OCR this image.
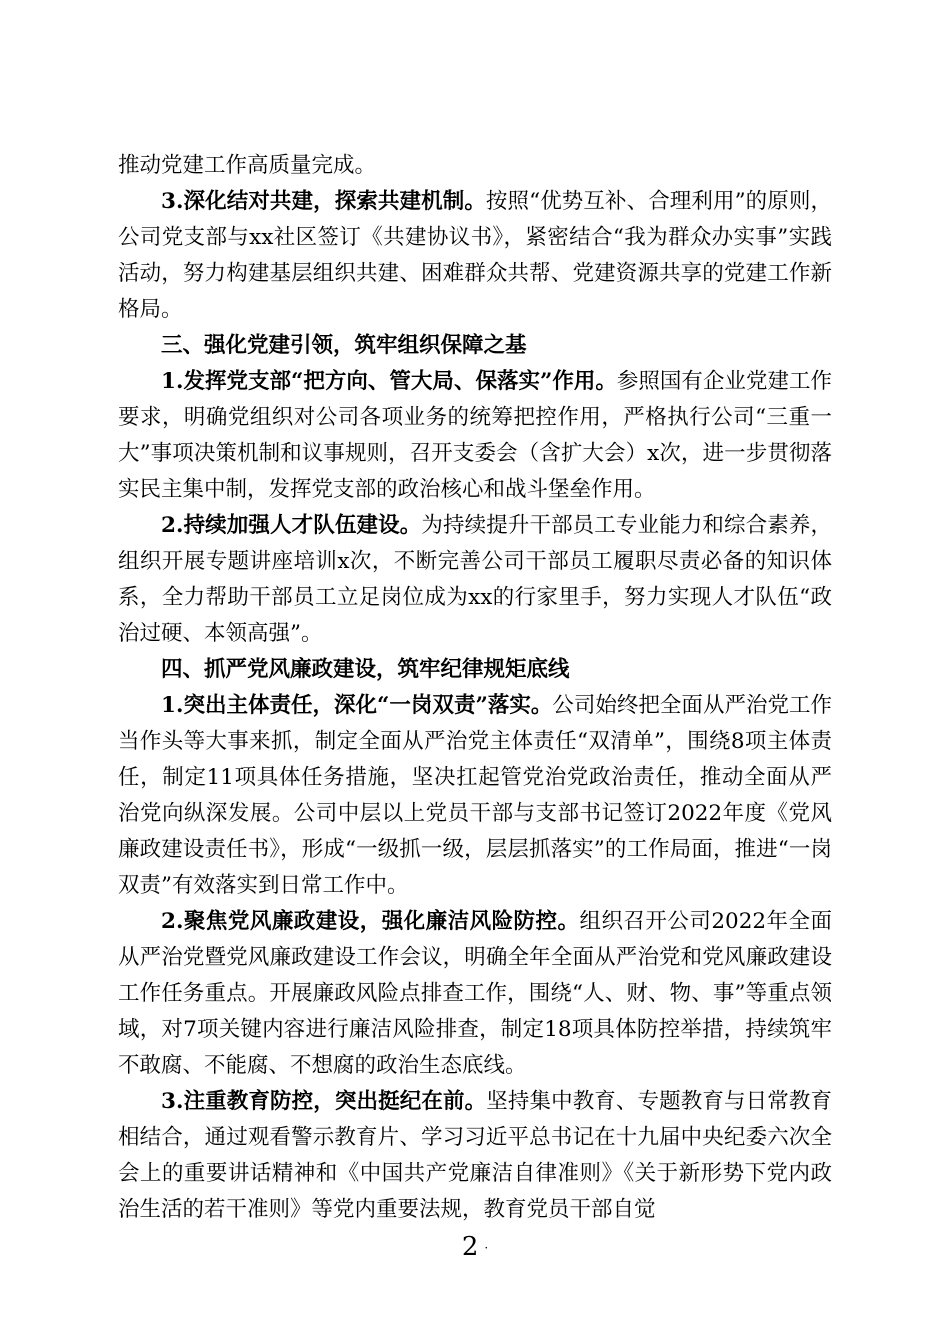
推动党建工作高质量完成。

3.深化结对共建，探索共建机制。按照“优势互补、合理利用”的原则，公司党支部与xx社区签订《共建协议书》，紧密结合“我为群众办实事”实践活动，努力构建基层组织共建、困难群众共帮、党建资源共享的党建工作新格局。

三、强化党建引领，筑牢组织保障之基

1.发挥党支部“把方向、管大局、保落实”作用。参照国有企业党建工作要求，明确党组织对公司各项业务的统筹把控作用，严格执行公司“三重一大”事项决策机制和议事规则，召开支委会（含扩大会）x次，进一步贯彻落实民主集中制，发挥党支部的政治核心和战斗堡垒作用。

2.持续加强人才队伍建设。为持续提升干部员工专业能力和综合素养，组织开展专题讲座培训x次，不断完善公司干部员工履职尽责必备的知识体系，全力帮助干部员工立足岗位成为xx的行家里手，努力实现人才队伍“政治过硬、本领高强”。

四、抓严党风廉政建设，筑牢纪律规矩底线

1.突出主体责任，深化“一岗双责”落实。公司始终把全面从严治党工作当作头等大事来抓，制定全面从严治党主体责任“双清单”，围绕8项主体责任，制定11项具体任务措施，坚决扛起管党治党政治责任，推动全面从严治党向纵深发展。公司中层以上党员干部与支部书记签订2022年度《党风廉政建设责任书》，形成“一级抓一级，层层抓落实”的工作局面，推进“一岗双责”有效落实到日常工作中。

2.聚焦党风廉政建设，强化廉洁风险防控。组织召开公司2022年全面从严治党暨党风廉政建设工作会议，明确全年全面从严治党和党风廉政建设工作任务重点。开展廉政风险点排查工作，围绕“人、财、物、事”等重点领域，对7项关键内容进行廉洁风险排查，制定18项具体防控举措，持续筑牢不敢腐、不能腐、不想腐的政治生态底线。

3.注重教育防控，突出挺纪在前。坚持集中教育、专题教育与日常教育相结合，通过观看警示教育片、学习习近平总书记在十九届中央纪委六次全会上的重要讲话精神和《中国共产党廉洁自律准则》《关于新形势下党内政治生活的若干准则》等党内重要法规，教育党员干部自觉

2 ·
